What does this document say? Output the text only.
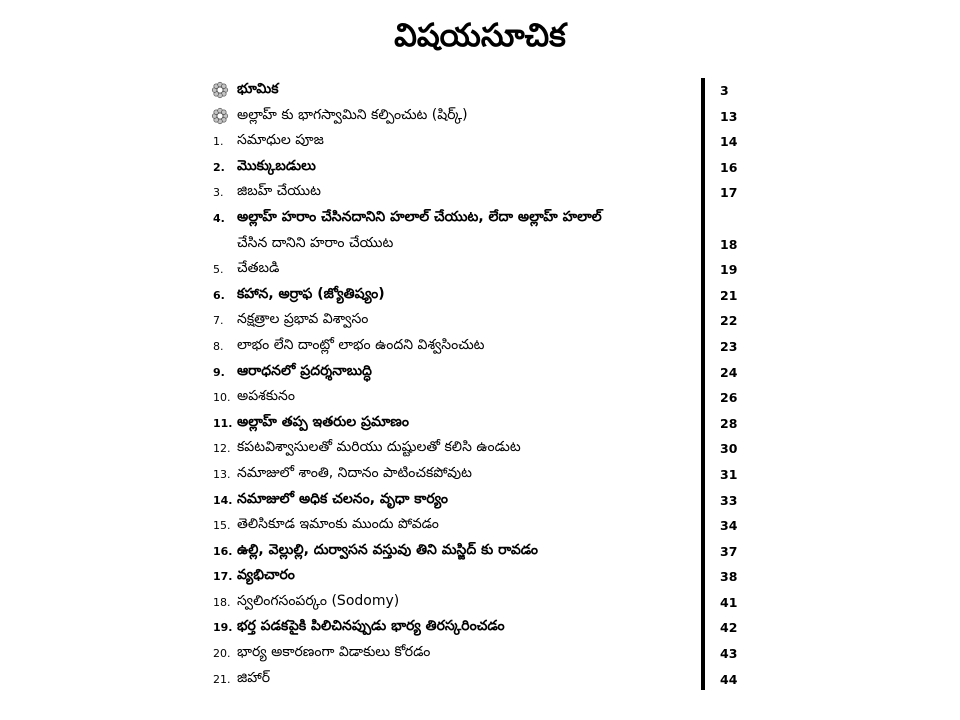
విషయసూచిక
భూమిక	3
అల్లాహ్ కు భాగస్వామిని కల్పించుట (షిర్క్)	13
1. సమాధుల పూజ	14
2. మొక్కుబడులు	16
3. జిబహ్ చేయుట	17
4. అల్లాహ్ హరాం చేసినదానిని హలాల్ చేయుట, లేదా అల్లాహ్ హలాల్
చేసిన దానిని హరాం చేయుట	18
5. చేతబడి	19
6. కహాన, అర్రాఫ (జ్యోతిష్యం)	21
7. నక్షత్రాల ప్రభావ విశ్వాసం	22
8. లాభం లేని దాంట్లో లాభం ఉందని విశ్వసించుట	23
9. ఆరాధనలో ప్రదర్శనాబుద్ధి	24
10. అపశకునం	26
11. అల్లాహ్ తప్ప ఇతరుల ప్రమాణం	28
12. కపటవిశ్వాసులతో మరియు దుష్టులతో కలిసి ఉండుట	30
13. నమాజులో శాంతి, నిదానం పాటించకపోవుట	31
14. నమాజులో అధిక చలనం, వృధా కార్యం	33
15. తెలిసికూడ ఇమాంకు ముందు పోవడం	34
16. ఉల్లి, వెల్లుల్లి, దుర్వాసన వస్తువు తిని మస్జిద్ కు రావడం	37
17. వ్యభిచారం	38
18. స్వలింగసంపర్కం (Sodomy)	41
19. భర్త పడకపైకి పిలిచినప్పుడు భార్య తిరస్కరించడం	42
20. భార్య అకారణంగా విడాకులు కోరడం	43
21. జిహార్	44
